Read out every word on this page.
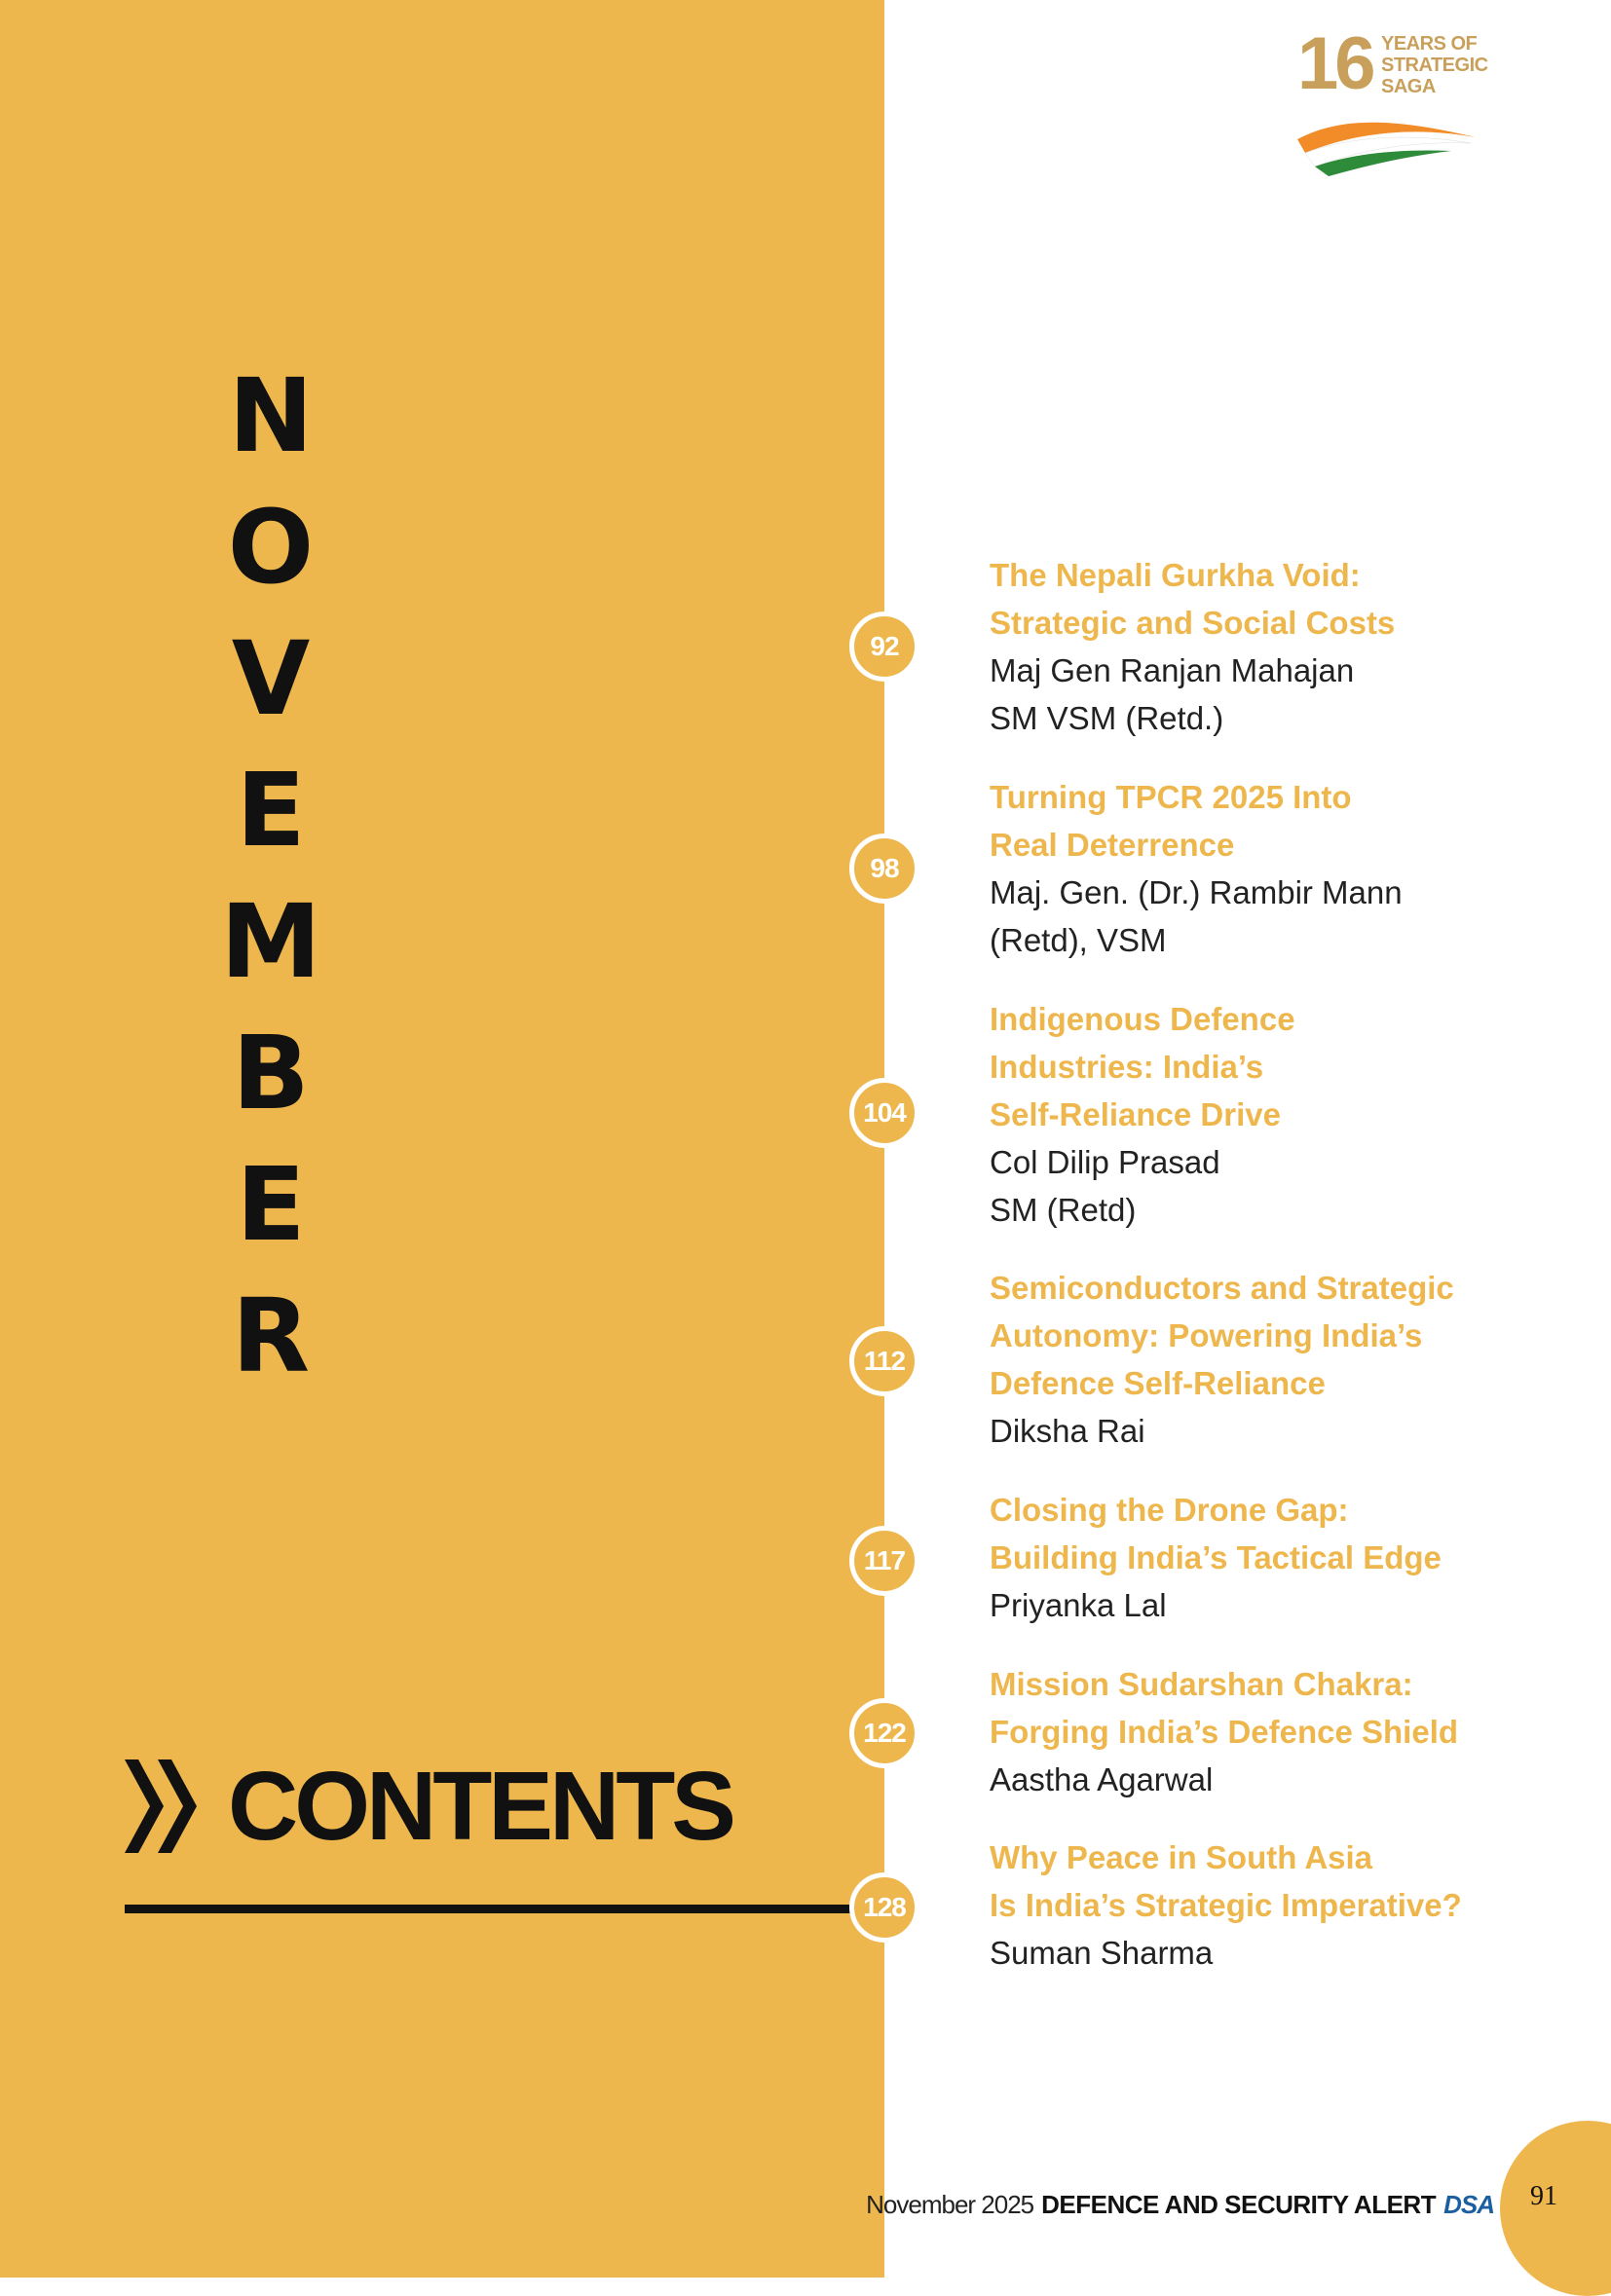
16 YEARS OF
STRATEGIC
SAGA
N
O
V
E
M
B
E
R
CONTENTS
92
The Nepali Gurkha Void:
Strategic and Social Costs
Maj Gen Ranjan Mahajan
SM VSM (Retd.)
98
Turning TPCR 2025 Into
Real Deterrence
Maj. Gen. (Dr.) Rambir Mann
(Retd), VSM
104
Indigenous Defence
Industries: India’s
Self-Reliance Drive
Col Dilip Prasad
SM (Retd)
112
Semiconductors and Strategic
Autonomy: Powering India’s
Defence Self-Reliance
Diksha Rai
117
Closing the Drone Gap:
Building India’s Tactical Edge
Priyanka Lal
122
Mission Sudarshan Chakra:
Forging India’s Defence Shield
Aastha Agarwal
128
Why Peace in South Asia
Is India’s Strategic Imperative?
Suman Sharma
November 2025 DEFENCE AND SECURITY ALERT DSA	91
